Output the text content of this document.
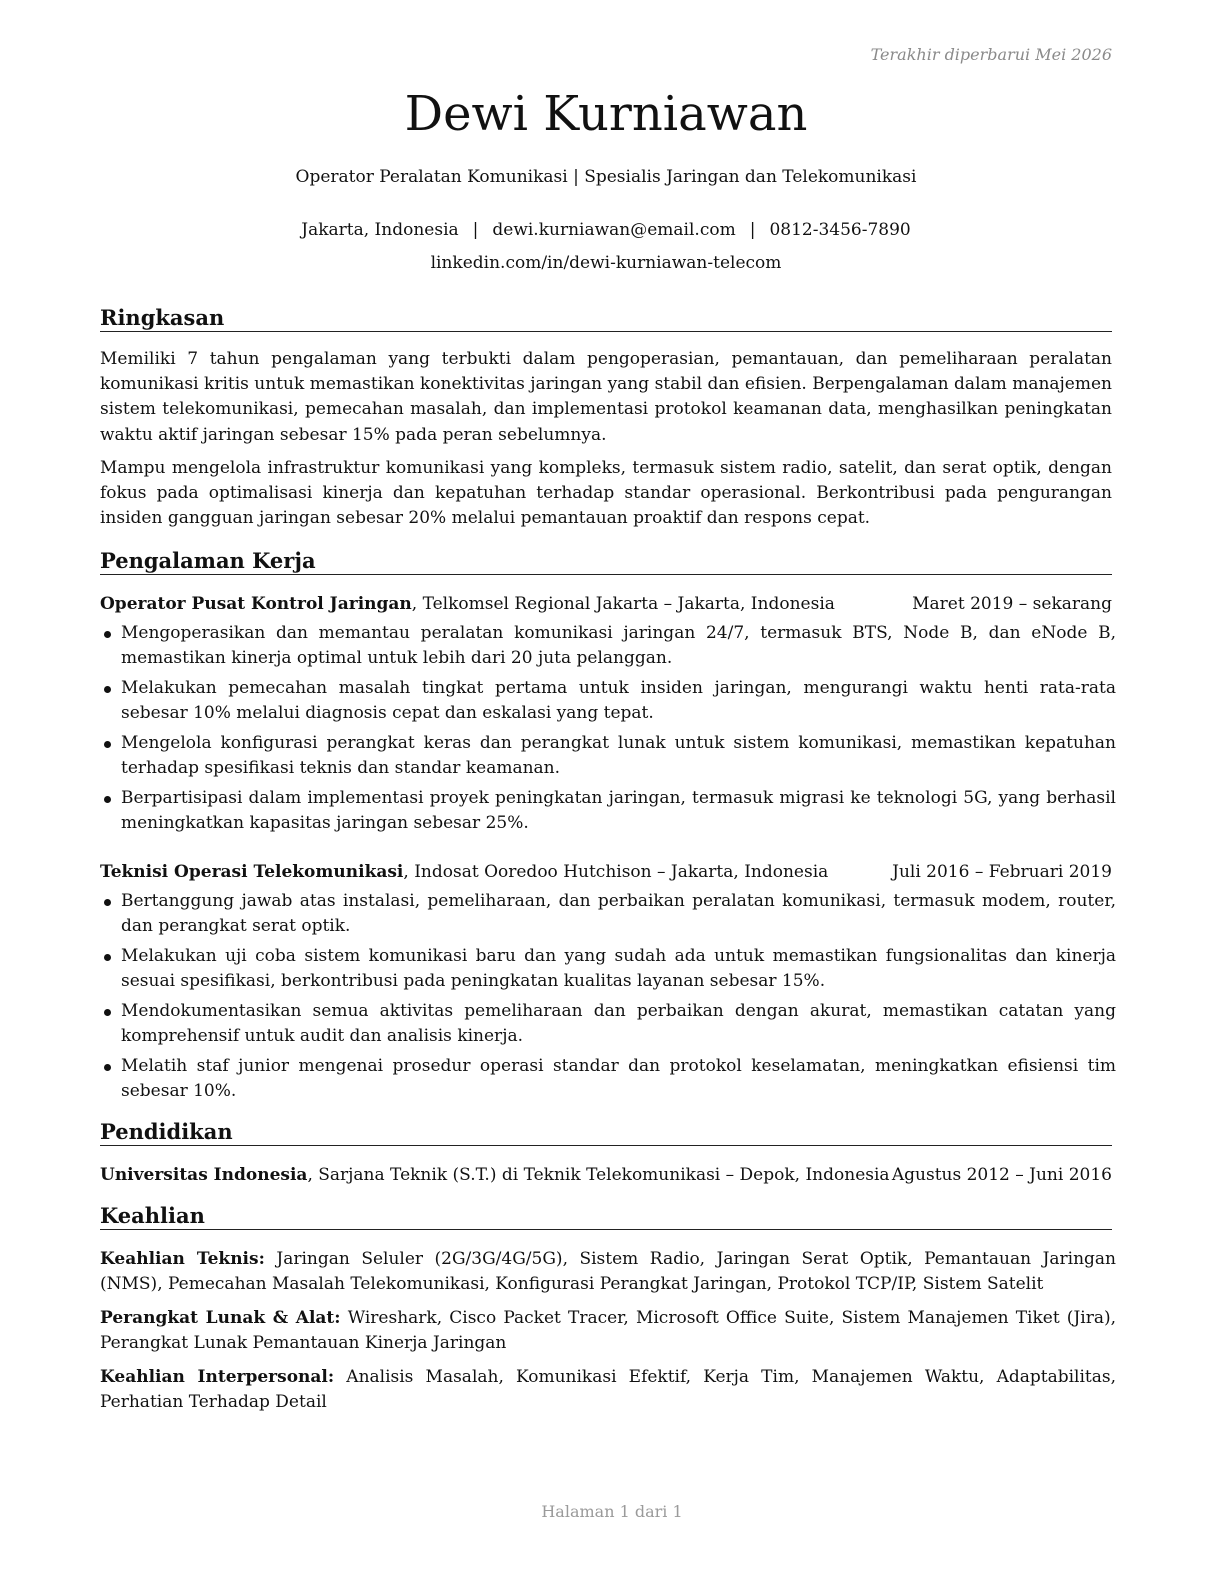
Terakhir diperbarui Mei 2026
Dewi Kurniawan
Operator Peralatan Komunikasi | Spesialis Jaringan dan Telekomunikasi
Jakarta, Indonesia | dewi.kurniawan@email.com | 0812-3456-7890
linkedin.com/in/dewi-kurniawan-telecom
Ringkasan

Memiliki 7 tahun pengalaman yang terbukti dalam pengoperasian, pemantauan, dan pemeliharaan peralatan komunikasi kritis untuk memastikan konektivitas jaringan yang stabil dan efisien. Berpengalaman dalam manajemen sistem telekomunikasi, pemecahan masalah, dan implementasi protokol keamanan data, menghasilkan peningkatan waktu aktif jaringan sebesar 15% pada peran sebelumnya.

Mampu mengelola infrastruktur komunikasi yang kompleks, termasuk sistem radio, satelit, dan serat optik, dengan fokus pada optimalisasi kinerja dan kepatuhan terhadap standar operasional. Berkontribusi pada pengurangan insiden gangguan jaringan sebesar 20% melalui pemantauan proaktif dan respons cepat.

Pengalaman Kerja
Operator Pusat Kontrol Jaringan, Telkomsel Regional Jakarta – Jakarta, Indonesia	Maret 2019 – sekarang
Mengoperasikan dan memantau peralatan komunikasi jaringan 24/7, termasuk BTS, Node B, dan eNode B, memastikan kinerja optimal untuk lebih dari 20 juta pelanggan.
Melakukan pemecahan masalah tingkat pertama untuk insiden jaringan, mengurangi waktu henti rata-rata sebesar 10% melalui diagnosis cepat dan eskalasi yang tepat.
Mengelola konfigurasi perangkat keras dan perangkat lunak untuk sistem komunikasi, memastikan kepatuhan terhadap spesifikasi teknis dan standar keamanan.
Berpartisipasi dalam implementasi proyek peningkatan jaringan, termasuk migrasi ke teknologi 5G, yang berhasil meningkatkan kapasitas jaringan sebesar 25%.
Teknisi Operasi Telekomunikasi, Indosat Ooredoo Hutchison – Jakarta, Indonesia	Juli 2016 – Februari 2019
Bertanggung jawab atas instalasi, pemeliharaan, dan perbaikan peralatan komunikasi, termasuk modem, router, dan perangkat serat optik.
Melakukan uji coba sistem komunikasi baru dan yang sudah ada untuk memastikan fungsionalitas dan kinerja sesuai spesifikasi, berkontribusi pada peningkatan kualitas layanan sebesar 15%.
Mendokumentasikan semua aktivitas pemeliharaan dan perbaikan dengan akurat, memastikan catatan yang komprehensif untuk audit dan analisis kinerja.
Melatih staf junior mengenai prosedur operasi standar dan protokol keselamatan, meningkatkan efisiensi tim sebesar 10%.
Pendidikan
Universitas Indonesia, Sarjana Teknik (S.T.) di Teknik Telekomunikasi – Depok, Indonesia Agustus 2012 – Juni 2016
Keahlian
Keahlian Teknis: Jaringan Seluler (2G/3G/4G/5G), Sistem Radio, Jaringan Serat Optik, Pemantauan Jaringan (NMS), Pemecahan Masalah Telekomunikasi, Konfigurasi Perangkat Jaringan, Protokol TCP/IP, Sistem Satelit
Perangkat Lunak & Alat: Wireshark, Cisco Packet Tracer, Microsoft Office Suite, Sistem Manajemen Tiket (Jira), Perangkat Lunak Pemantauan Kinerja Jaringan
Keahlian Interpersonal: Analisis Masalah, Komunikasi Efektif, Kerja Tim, Manajemen Waktu, Adaptabilitas, Perhatian Terhadap Detail
Halaman 1 dari 1
